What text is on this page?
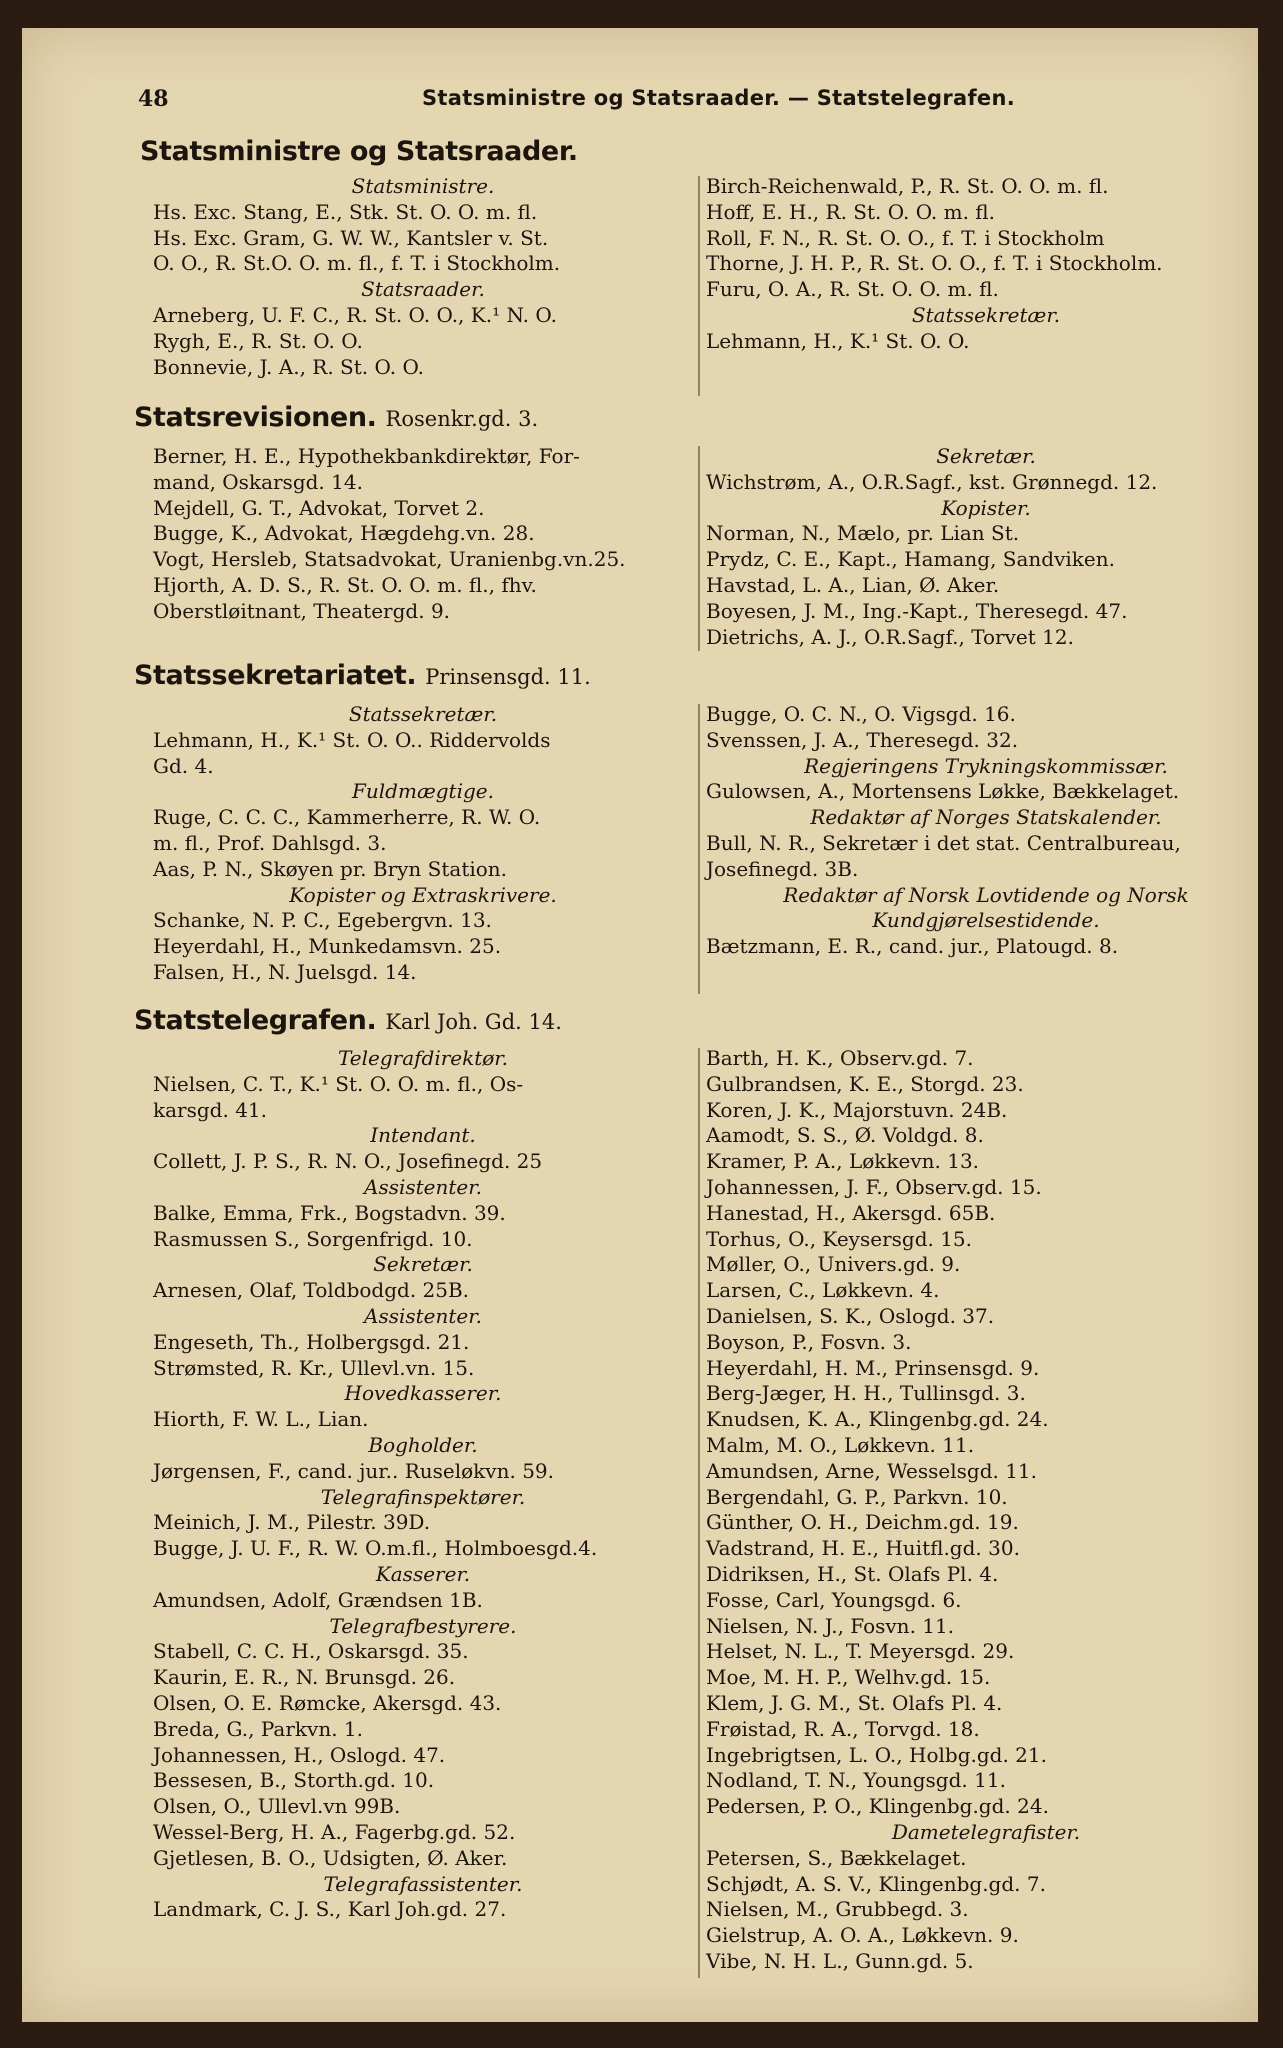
48	Statsministre og Statsraader. — Statstelegrafen.
Statsministre og Statsraader.
Statsministre.
Hs. Exc. Stang, E., Stk. St. O. O. m. fl.
Hs. Exc. Gram, G. W. W., Kantsler v. St.
O. O., R. St.O. O. m. fl., f. T. i Stockholm.
Statsraader.
Arneberg, U. F. C., R. St. O. O., K.¹ N. O.
Rygh, E., R. St. O. O.
Bonnevie, J. A., R. St. O. O.
Birch-Reichenwald, P., R. St. O. O. m. fl.
Hoff, E. H., R. St. O. O. m. fl.
Roll, F. N., R. St. O. O., f. T. i Stockholm
Thorne, J. H. P., R. St. O. O., f. T. i Stockholm.
Furu, O. A., R. St. O. O. m. fl.
Statssekretær.
Lehmann, H., K.¹ St. O. O.
Statsrevisionen. Rosenkr.gd. 3.
Berner, H. E., Hypothekbankdirektør, For-
mand, Oskarsgd. 14.
Mejdell, G. T., Advokat, Torvet 2.
Bugge, K., Advokat, Hægdehg.vn. 28.
Vogt, Hersleb, Statsadvokat, Uranienbg.vn.25.
Hjorth, A. D. S., R. St. O. O. m. fl., fhv.
Oberstløitnant, Theatergd. 9.
Sekretær.
Wichstrøm, A., O.R.Sagf., kst. Grønnegd. 12.
Kopister.
Norman, N., Mælo, pr. Lian St.
Prydz, C. E., Kapt., Hamang, Sandviken.
Havstad, L. A., Lian, Ø. Aker.
Boyesen, J. M., Ing.-Kapt., Theresegd. 47.
Dietrichs, A. J., O.R.Sagf., Torvet 12.
Statssekretariatet. Prinsensgd. 11.
Statssekretær.
Lehmann, H., K.¹ St. O. O.. Riddervolds
Gd. 4.
Fuldmægtige.
Ruge, C. C. C., Kammerherre, R. W. O.
m. fl., Prof. Dahlsgd. 3.
Aas, P. N., Skøyen pr. Bryn Station.
Kopister og Extraskrivere.
Schanke, N. P. C., Egebergvn. 13.
Heyerdahl, H., Munkedamsvn. 25.
Falsen, H., N. Juelsgd. 14.
Bugge, O. C. N., O. Vigsgd. 16.
Svenssen, J. A., Theresegd. 32.
Regjeringens Trykningskommissær.
Gulowsen, A., Mortensens Løkke, Bækkelaget.
Redaktør af Norges Statskalender.
Bull, N. R., Sekretær i det stat. Centralbureau,
Josefinegd. 3B.
Redaktør af Norsk Lovtidende og Norsk
Kundgjørelsestidende.
Bætzmann, E. R., cand. jur., Platougd. 8.
Statstelegrafen. Karl Joh. Gd. 14.
Telegrafdirektør.
Nielsen, C. T., K.¹ St. O. O. m. fl., Os-
karsgd. 41.
Intendant.
Collett, J. P. S., R. N. O., Josefinegd. 25
Assistenter.
Balke, Emma, Frk., Bogstadvn. 39.
Rasmussen S., Sorgenfrigd. 10.
Sekretær.
Arnesen, Olaf, Toldbodgd. 25B.
Assistenter.
Engeseth, Th., Holbergsgd. 21.
Strømsted, R. Kr., Ullevl.vn. 15.
Hovedkasserer.
Hiorth, F. W. L., Lian.
Bogholder.
Jørgensen, F., cand. jur.. Ruseløkvn. 59.
Telegrafinspektører.
Meinich, J. M., Pilestr. 39D.
Bugge, J. U. F., R. W. O.m.fl., Holmboesgd.4.
Kasserer.
Amundsen, Adolf, Grændsen 1B.
Telegrafbestyrere.
Stabell, C. C. H., Oskarsgd. 35.
Kaurin, E. R., N. Brunsgd. 26.
Olsen, O. E. Rømcke, Akersgd. 43.
Breda, G., Parkvn. 1.
Johannessen, H., Oslogd. 47.
Bessesen, B., Storth.gd. 10.
Olsen, O., Ullevl.vn 99B.
Wessel-Berg, H. A., Fagerbg.gd. 52.
Gjetlesen, B. O., Udsigten, Ø. Aker.
Telegrafassistenter.
Landmark, C. J. S., Karl Joh.gd. 27.
Barth, H. K., Observ.gd. 7.
Gulbrandsen, K. E., Storgd. 23.
Koren, J. K., Majorstuvn. 24B.
Aamodt, S. S., Ø. Voldgd. 8.
Kramer, P. A., Løkkevn. 13.
Johannessen, J. F., Observ.gd. 15.
Hanestad, H., Akersgd. 65B.
Torhus, O., Keysersgd. 15.
Møller, O., Univers.gd. 9.
Larsen, C., Løkkevn. 4.
Danielsen, S. K., Oslogd. 37.
Boyson, P., Fosvn. 3.
Heyerdahl, H. M., Prinsensgd. 9.
Berg-Jæger, H. H., Tullinsgd. 3.
Knudsen, K. A., Klingenbg.gd. 24.
Malm, M. O., Løkkevn. 11.
Amundsen, Arne, Wesselsgd. 11.
Bergendahl, G. P., Parkvn. 10.
Günther, O. H., Deichm.gd. 19.
Vadstrand, H. E., Huitfl.gd. 30.
Didriksen, H., St. Olafs Pl. 4.
Fosse, Carl, Youngsgd. 6.
Nielsen, N. J., Fosvn. 11.
Helset, N. L., T. Meyersgd. 29.
Moe, M. H. P., Welhv.gd. 15.
Klem, J. G. M., St. Olafs Pl. 4.
Frøistad, R. A., Torvgd. 18.
Ingebrigtsen, L. O., Holbg.gd. 21.
Nodland, T. N., Youngsgd. 11.
Pedersen, P. O., Klingenbg.gd. 24.
Dametelegrafister.
Petersen, S., Bækkelaget.
Schjødt, A. S. V., Klingenbg.gd. 7.
Nielsen, M., Grubbegd. 3.
Gielstrup, A. O. A., Løkkevn. 9.
Vibe, N. H. L., Gunn.gd. 5.
